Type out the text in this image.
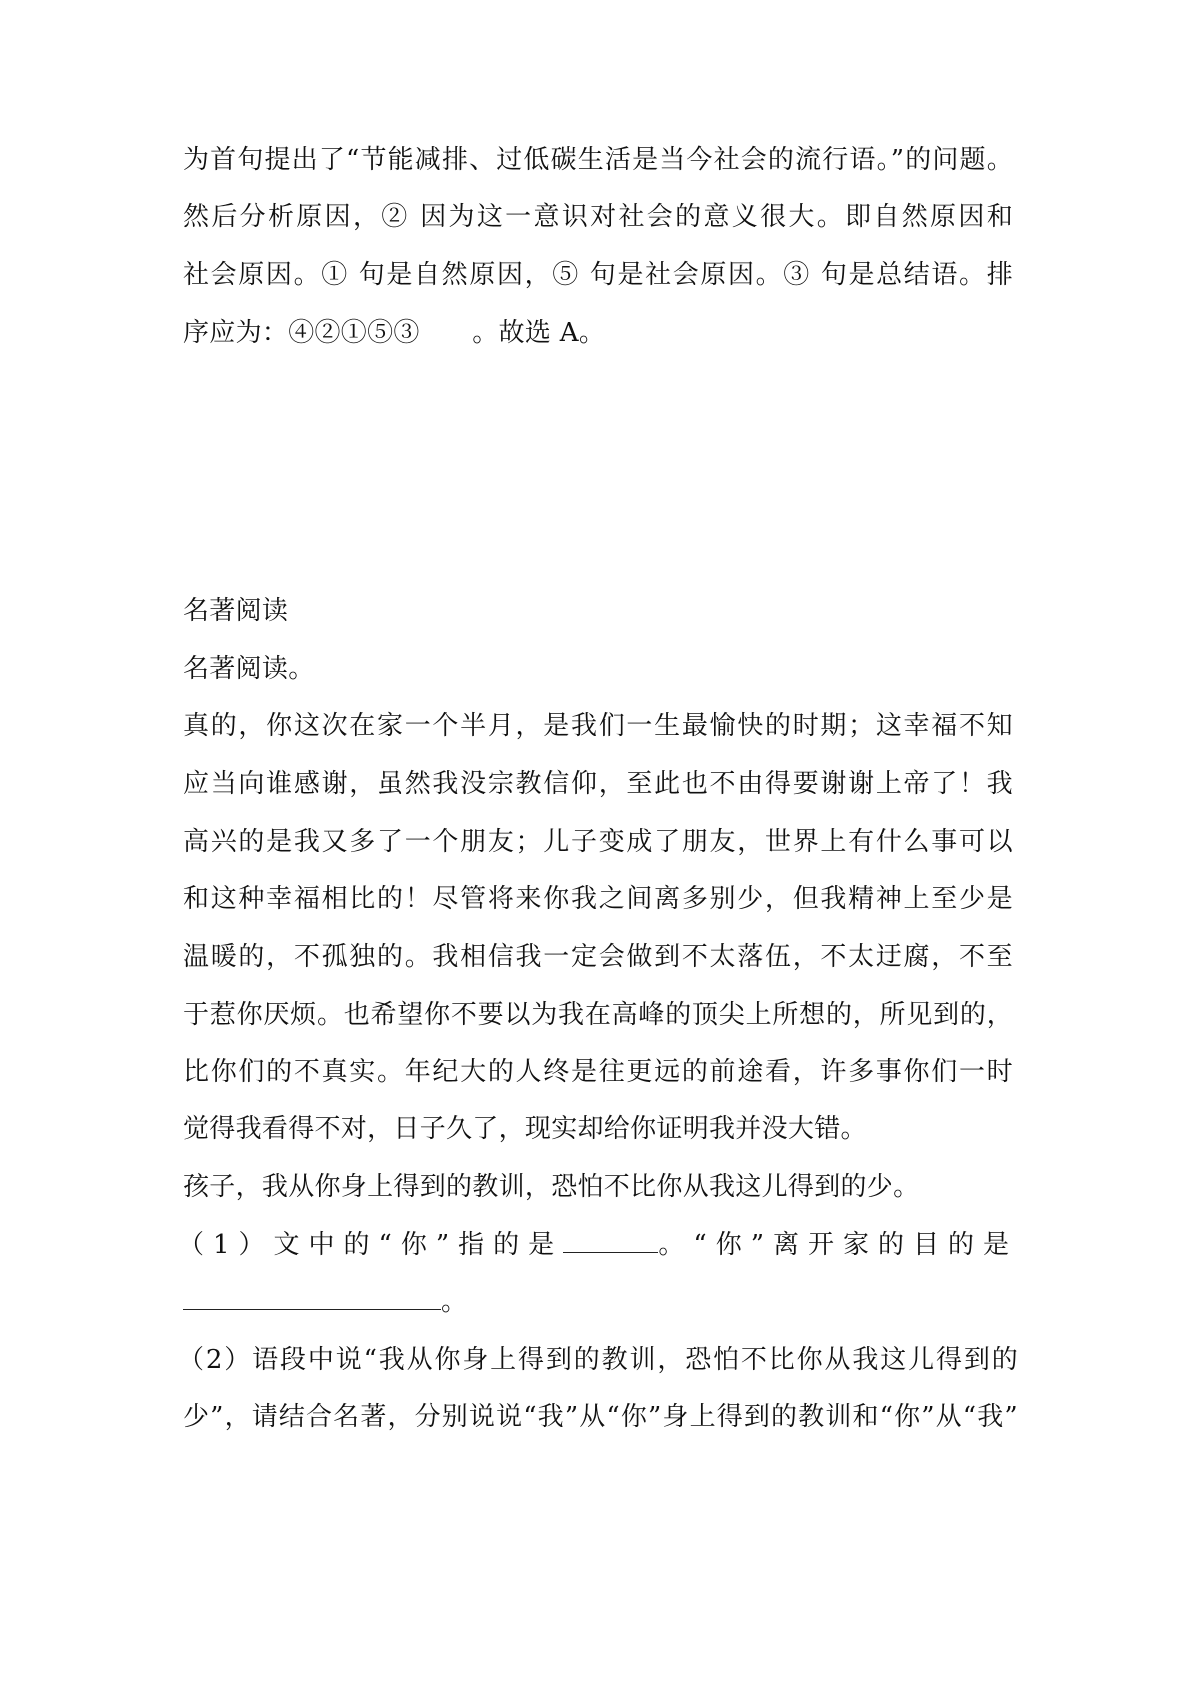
为首句提出了“节能减排、过低碳生活是当今社会的流行语。”的问题。
然后分析原因，② 因为这一意识对社会的意义很大。即自然原因和
社会原因。① 句是自然原因，⑤ 句是社会原因。③ 句是总结语。排
序应为：④②①⑤③　　。故选 A。
名著阅读
名著阅读。
真的，你这次在家一个半月，是我们一生最愉快的时期；这幸福不知
应当向谁感谢，虽然我没宗教信仰，至此也不由得要谢谢上帝了！我
高兴的是我又多了一个朋友；儿子变成了朋友，世界上有什么事可以
和这种幸福相比的！尽管将来你我之间离多别少，但我精神上至少是
温暖的，不孤独的。我相信我一定会做到不太落伍，不太迂腐，不至
于惹你厌烦。也希望你不要以为我在高峰的顶尖上所想的，所见到的，
比你们的不真实。年纪大的人终是往更远的前途看，许多事你们一时
觉得我看得不对，日子久了，现实却给你证明我并没大错。
孩子，我从你身上得到的教训，恐怕不比你从我这儿得到的少。
（1）文中的“你”指的是	。“你”离开家的目的是
。
（2）语段中说“我从你身上得到的教训，恐怕不比你从我这儿得到的
少”，请结合名著，分别说说“我”从“你”身上得到的教训和“你”从“我”
